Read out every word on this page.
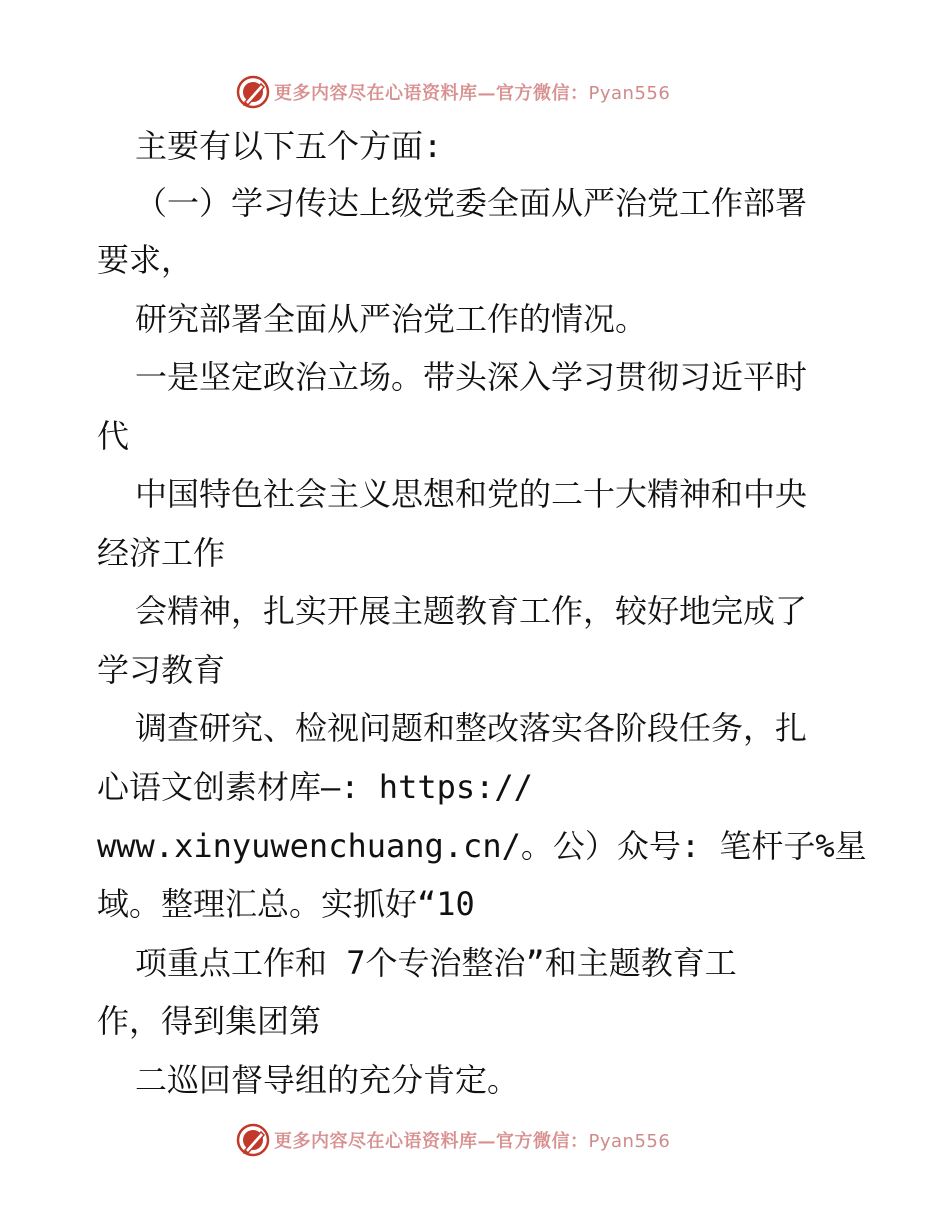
更多内容尽在心语资料库—官方微信：Pyan556
主要有以下五个方面:
（一）学习传达上级党委全面从严治党工作部署
要求，
研究部署全面从严治党工作的情况。
一是坚定政治立场。带头深入学习贯彻习近平时
代
中国特色社会主义思想和党的二十大精神和中央
经济工作
会精神，扎实开展主题教育工作，较好地完成了
学习教育
调查研究、检视问题和整改落实各阶段任务，扎
心语文创素材库—: https://
www.xinyuwenchuang.cn/。公）众号: 笔杆子%星
域。整理汇总。实抓好“10
项重点工作和 7个专治整治”和主题教育工
作，得到集团第
二巡回督导组的充分肯定。
更多内容尽在心语资料库—官方微信：Pyan556
